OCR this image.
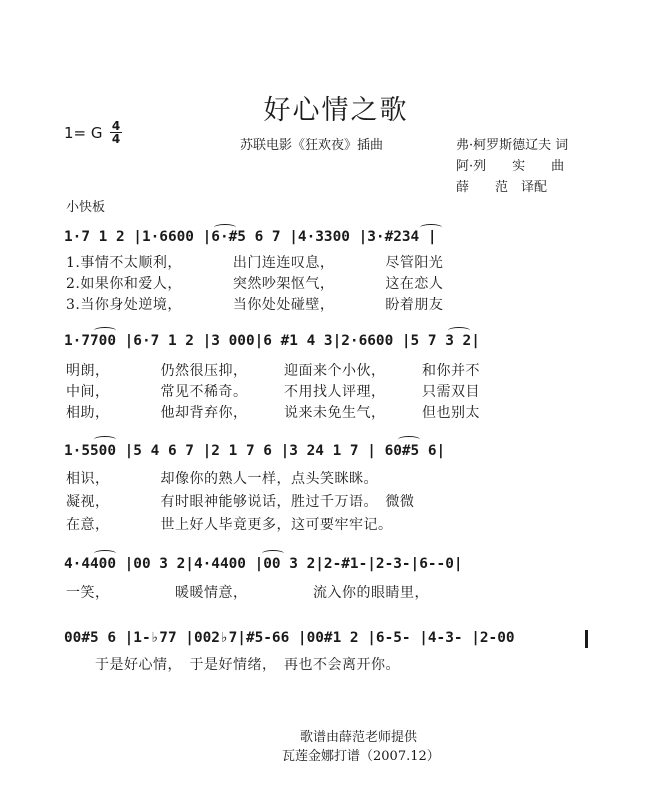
好心情之歌
1= G 4
4	苏联电影《狂欢夜》插曲	弗·柯罗斯德辽夫 词
阿·列　　实　　曲
薛　　范　译配
小快板
1·7 1 2 |1·6600 |6·#5 6 7 |4·3300 |3·#234 |
1.事情不太顺利，　　　　出门连连叹息，　　　　尽管阳光
2.如果你和爱人，　　　　突然吵架怄气，　　　　这在恋人
3.当你身处逆境，　　　　当你处处碰壁，　　　　盼着朋友
1·7700 |6·7 1 2 |3 000|6 #1 4 3|2·6600 |5 7 3 2|
明朗，　　　　仍然很压抑，　　　迎面来个小伙，　　　和你并不
中间，　　　　常见不稀奇。　　　不用找人评理，　　　只需双目
相助，　　　　他却背弃你，　　　说来未免生气，　　　但也别太
1·5500 |5 4 6 7 |2 1 7 6 |3 24 1 7 | 60#5 6|
相识，　　　　却像你的熟人一样，点头笑眯眯。
凝视，　　　　有时眼神能够说话，胜过千万语。　微微
在意，　　　　世上好人毕竟更多，这可要牢牢记。
4·4400 |00 3 2|4·4400 |00 3 2|2-#1-|2-3-|6--0|
一笑，　　　　　暖暖情意，　　　　　流入你的眼睛里，
00#5 6 |1-♭77 |002♭7|#5-66 |00#1 2 |6-5- |4-3- |2-00
　　于是好心情，　于是好情绪，　再也不会离开你。
歌谱由薛范老师提供
瓦莲金娜打谱（2007.12）
